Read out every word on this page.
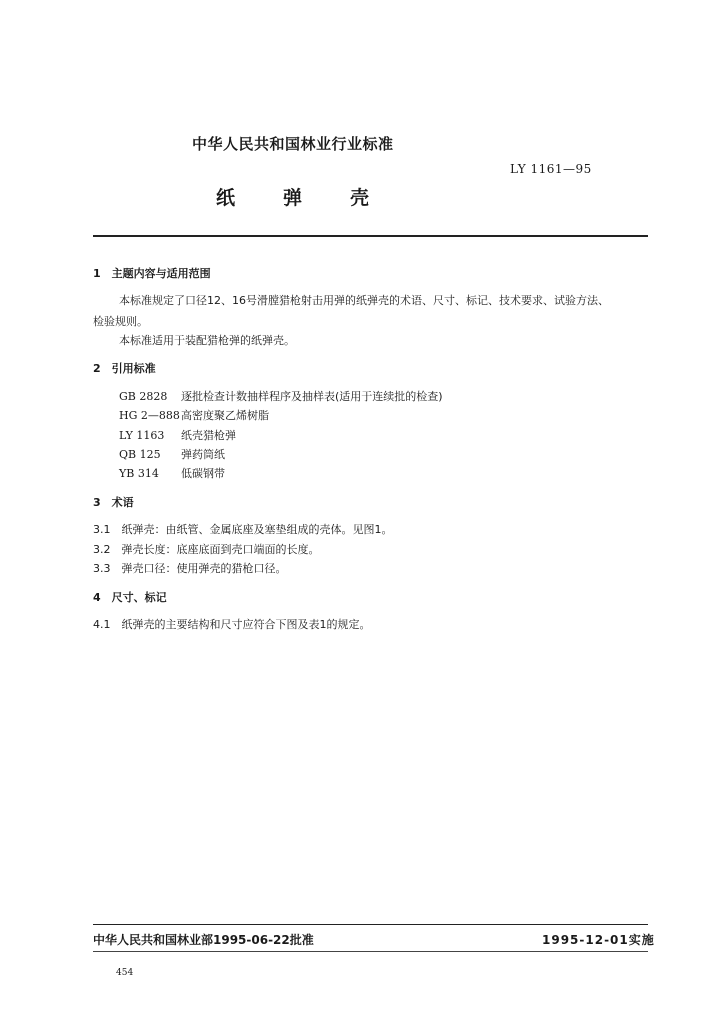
中华人民共和国林业行业标准
LY 1161—95
纸	弹	壳
1　主题内容与适用范围
本标准规定了口径12、16号滑膛猎枪射击用弹的纸弹壳的术语、尺寸、标记、技术要求、试验方法、
检验规则。
本标准适用于装配猎枪弹的纸弹壳。
2　引用标准
GB 2828 逐批检查计数抽样程序及抽样表(适用于连续批的检查)
HG 2—888高密度聚乙烯树脂
LY 1163 纸壳猎枪弹
QB 125 弹药筒纸
YB 314 低碳钢带
3　术语
3.1　纸弹壳：由纸管、金属底座及塞垫组成的壳体。见图1。
3.2　弹壳长度：底座底面到壳口端面的长度。
3.3　弹壳口径：使用弹壳的猎枪口径。
4　尺寸、标记
4.1　纸弹壳的主要结构和尺寸应符合下图及表1的规定。
中华人民共和国林业部1995-06-22批准	1995-12-01实施
454
